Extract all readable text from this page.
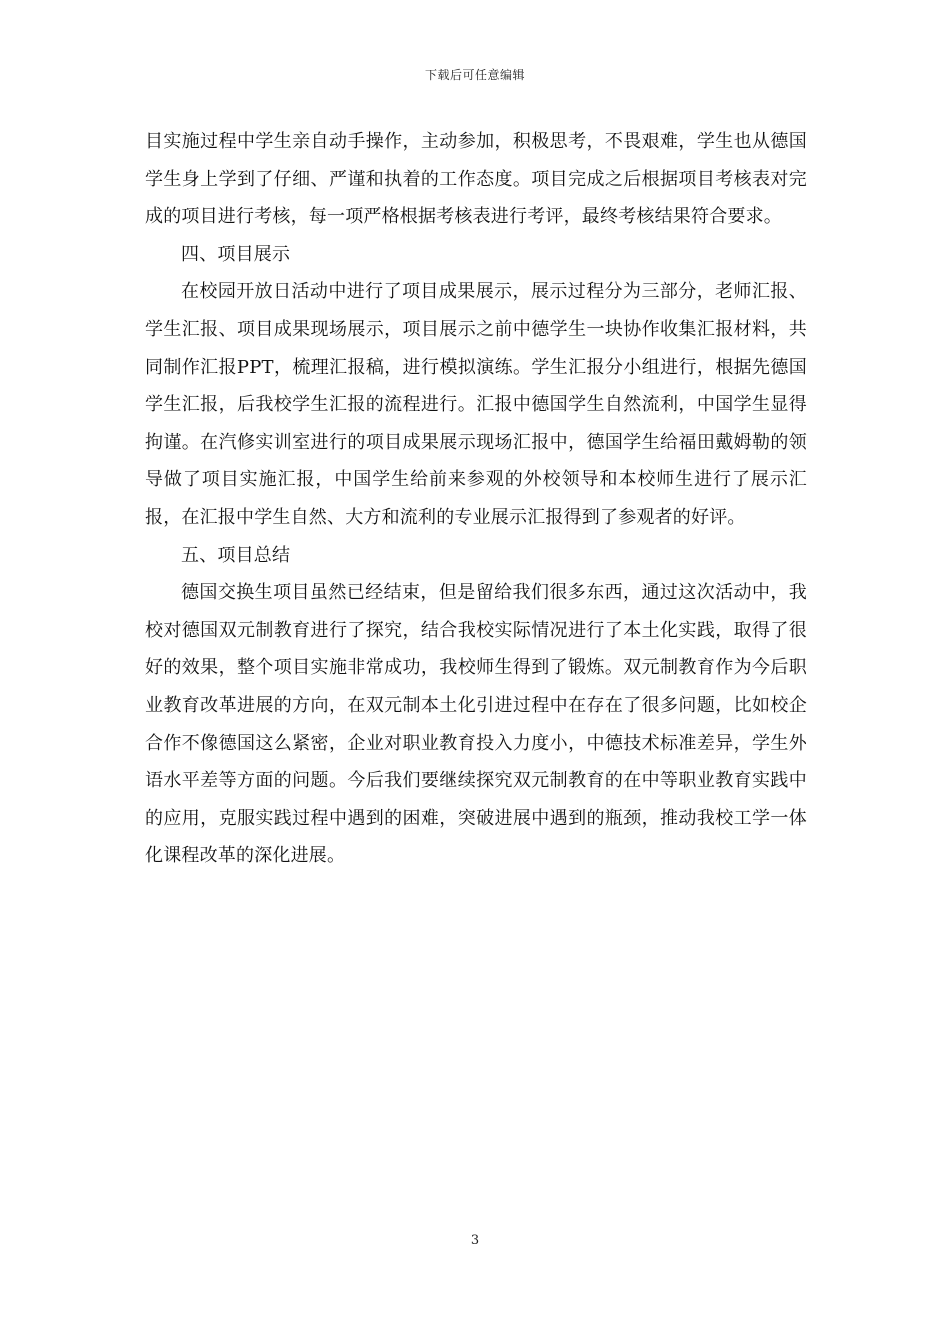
下载后可任意编辑

目实施过程中学生亲自动手操作，主动参加，积极思考，不畏艰难，学生也从德国学生身上学到了仔细、严谨和执着的工作态度。项目完成之后根据项目考核表对完成的项目进行考核，每一项严格根据考核表进行考评，最终考核结果符合要求。

四、项目展示

在校园开放日活动中进行了项目成果展示，展示过程分为三部分，老师汇报、学生汇报、项目成果现场展示，项目展示之前中德学生一块协作收集汇报材料，共同制作汇报PPT，梳理汇报稿，进行模拟演练。学生汇报分小组进行，根据先德国学生汇报，后我校学生汇报的流程进行。汇报中德国学生自然流利，中国学生显得拘谨。在汽修实训室进行的项目成果展示现场汇报中，德国学生给福田戴姆勒的领导做了项目实施汇报，中国学生给前来参观的外校领导和本校师生进行了展示汇报，在汇报中学生自然、大方和流利的专业展示汇报得到了参观者的好评。

五、项目总结

德国交换生项目虽然已经结束，但是留给我们很多东西，通过这次活动中，我校对德国双元制教育进行了探究，结合我校实际情况进行了本土化实践，取得了很好的效果，整个项目实施非常成功，我校师生得到了锻炼。双元制教育作为今后职业教育改革进展的方向，在双元制本土化引进过程中在存在了很多问题，比如校企合作不像德国这么紧密，企业对职业教育投入力度小，中德技术标准差异，学生外语水平差等方面的问题。今后我们要继续探究双元制教育的在中等职业教育实践中的应用，克服实践过程中遇到的困难，突破进展中遇到的瓶颈，推动我校工学一体化课程改革的深化进展。

3
